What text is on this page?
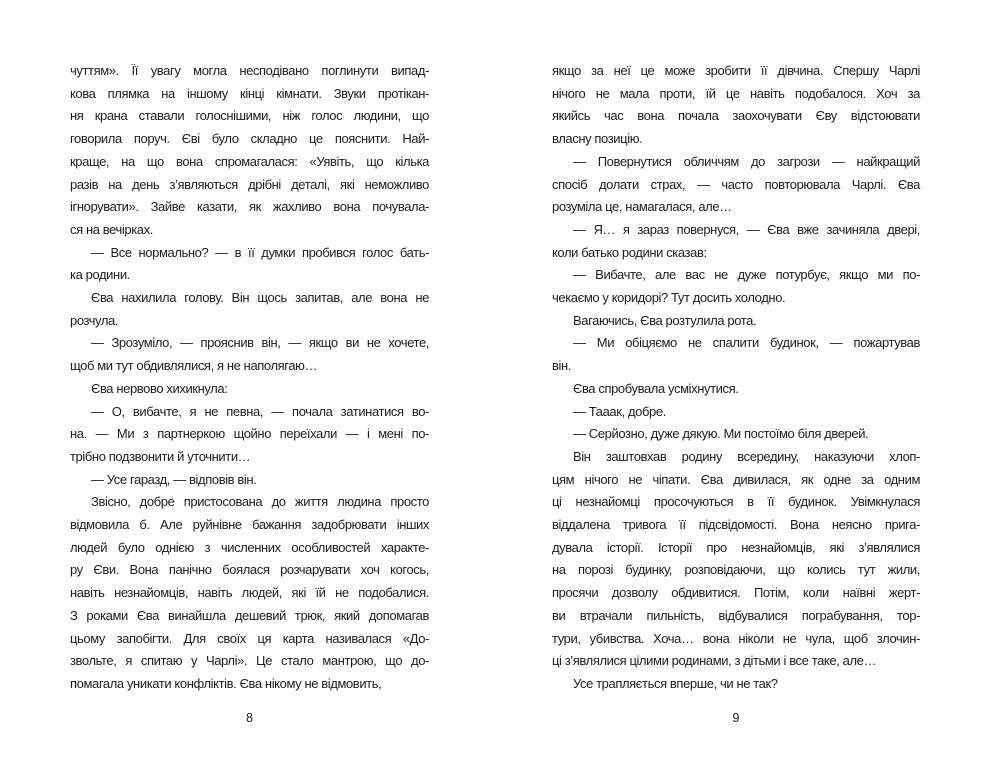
чуттям». Її увагу могла несподівано поглинути випад-
кова плямка на іншому кінці кімнати. Звуки протікан-
ня крана ставали голоснішими, ніж голос людини, що
говорила поруч. Єві було складно це пояснити. Най-
краще, на що вона спромагалася: «Уявіть, що кілька
разів на день з’являються дрібні деталі, які неможливо
ігнорувати». Зайве казати, як жахливо вона почувала-
ся на вечірках.
— Все нормально? — в її думки пробився голос бать-
ка родини.
Єва нахилила голову. Він щось запитав, але вона не
розчула.
— Зрозуміло, — прояснив він, — якщо ви не хочете,
щоб ми тут обдивлялися, я не наполягаю…
Єва нервово хихикнула:
— О, вибачте, я не певна, — почала затинатися во-
на. — Ми з партнеркою щойно переїхали — і мені по-
трібно подзвонити й уточнити…
— Усе гаразд, — відповів він.
Звісно, добре пристосована до життя людина просто
відмовила б. Але руйнівне бажання задобрювати інших
людей було однією з численних особливостей характе-
ру Єви. Вона панічно боялася розчарувати хоч когось,
навіть незнайомців, навіть людей, які їй не подобалися.
З роками Єва винайшла дешевий трюк, який допомагав
цьому запобігти. Для своїх ця карта називалася «До-
звольте, я спитаю у Чарлі». Це стало мантрою, що до-
помагала уникати конфліктів. Єва нікому не відмовить,
8
якщо за неї це може зробити її дівчина. Спершу Чарлі
нічого не мала проти, їй це навіть подобалося. Хоч за
якийсь час вона почала заохочувати Єву відстоювати
власну позицію.
— Повернутися обличчям до загрози — найкращий
спосіб долати страх, — часто повторювала Чарлі. Єва
розуміла це, намагалася, але…
— Я… я зараз повернуся, — Єва вже зачиняла двері,
коли батько родини сказав:
— Вибачте, але вас не дуже потурбує, якщо ми по-
чекаємо у коридорі? Тут досить холодно.
Вагаючись, Єва розтулила рота.
— Ми обіцяємо не спалити будинок, — пожартував
він.
Єва спробувала усміхнутися.
— Тааак, добре.
— Серйозно, дуже дякую. Ми постоїмо біля дверей.
Він заштовхав родину всередину, наказуючи хлоп-
цям нічого не чіпати. Єва дивилася, як одне за одним
ці незнайомці просочуються в її будинок. Увімкнулася
віддалена тривога її підсвідомості. Вона неясно прига-
дувала історії. Історії про незнайомців, які з’являлися
на порозі будинку, розповідаючи, що колись тут жили,
просячи дозволу обдивитися. Потім, коли наївні жерт-
ви втрачали пильність, відбувалися пограбування, тор-
тури, убивства. Хоча… вона ніколи не чула, щоб злочин-
ці з’являлися цілими родинами, з дітьми і все таке, але…
Усе трапляється вперше, чи не так?
9
